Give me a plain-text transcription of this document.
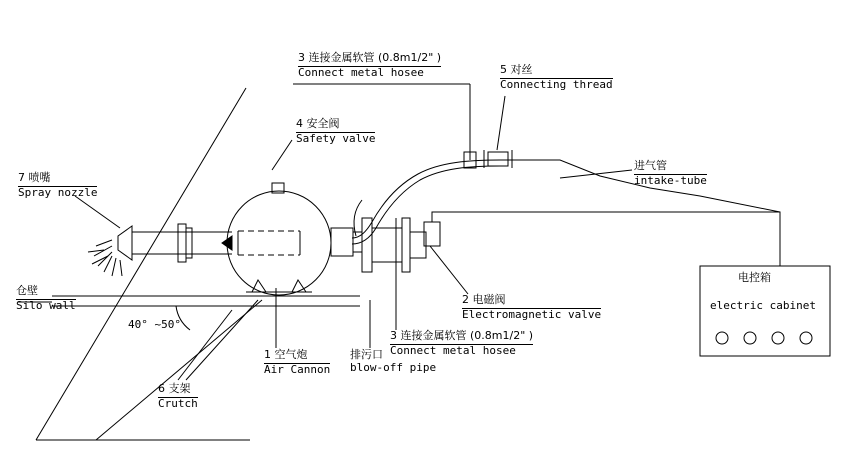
3 连接金属软管 (0.8m1/2" )
Connect metal hosee	5 对丝
Connecting thread
4 安全阀
Safety valve
进气管
intake-tube
7 喷嘴
Spray nozzle
仓壁
Silo wall	2 电磁阀
Electromagnetic valve
3 连接金属软管 (0.8m1/2" )
Connect metal hosee
1 空气炮
Air Cannon
排污口
blow-off pipe
6 支架
Crutch
电控箱
electric cabinet
40° ~50°
